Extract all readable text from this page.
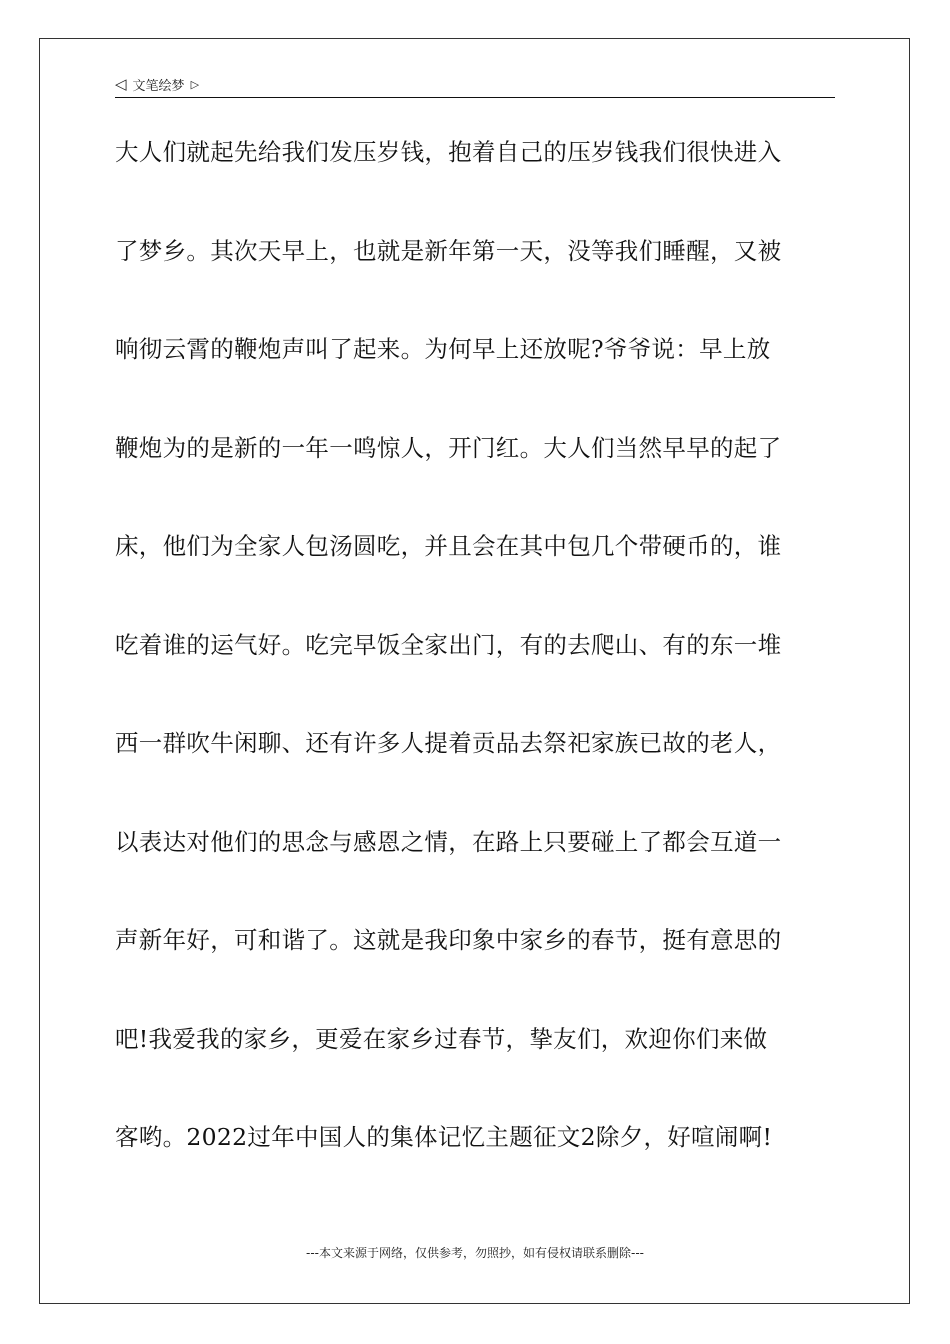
◁ 文笔绘梦 ▷
大人们就起先给我们发压岁钱，抱着自己的压岁钱我们很快进入
了梦乡。其次天早上，也就是新年第一天，没等我们睡醒，又被
响彻云霄的鞭炮声叫了起来。为何早上还放呢?爷爷说：早上放
鞭炮为的是新的一年一鸣惊人，开门红。大人们当然早早的起了
床，他们为全家人包汤圆吃，并且会在其中包几个带硬币的，谁
吃着谁的运气好。吃完早饭全家出门，有的去爬山、有的东一堆
西一群吹牛闲聊、还有许多人提着贡品去祭祀家族已故的老人，
以表达对他们的思念与感恩之情，在路上只要碰上了都会互道一
声新年好，可和谐了。这就是我印象中家乡的春节，挺有意思的
吧!我爱我的家乡，更爱在家乡过春节，挚友们，欢迎你们来做
客哟。2022过年中国人的集体记忆主题征文2除夕，好喧闹啊!
---本文来源于网络，仅供参考，勿照抄，如有侵权请联系删除---
